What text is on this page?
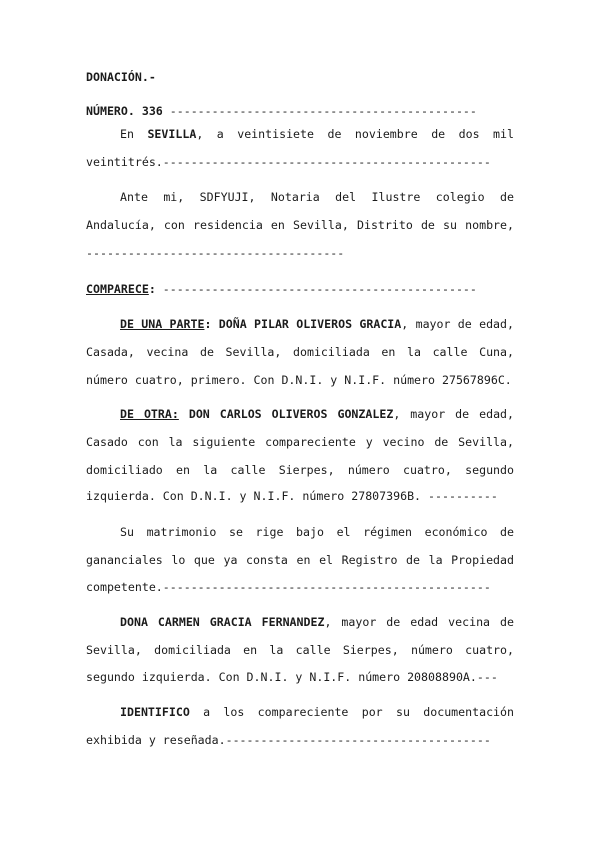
DONACIÓN.-
NÚMERO. 336 --------------------------------------------
En SEVILLA, a veintisiete de noviembre de dos mil
veintitrés.-----------------------------------------------
Ante mi, SDFYUJI, Notaria del Ilustre colegio de
Andalucía, con residencia en Sevilla, Distrito de su nombre,
-------------------------------------
COMPARECE: ---------------------------------------------
DE UNA PARTE: DOÑA PILAR OLIVEROS GRACIA, mayor de edad,
Casada, vecina de Sevilla, domiciliada en la calle Cuna,
número cuatro, primero. Con D.N.I. y N.I.F. número 27567896C.
DE OTRA: DON CARLOS OLIVEROS GONZALEZ, mayor de edad,
Casado con la siguiente compareciente y vecino de Sevilla,
domiciliado en la calle Sierpes, número cuatro, segundo
izquierda. Con D.N.I. y N.I.F. número 27807396B. ----------
Su matrimonio se rige bajo el régimen económico de
gananciales lo que ya consta en el Registro de la Propiedad
competente.-----------------------------------------------
DONA CARMEN GRACIA FERNANDEZ, mayor de edad vecina de
Sevilla, domiciliada en la calle Sierpes, número cuatro,
segundo izquierda. Con D.N.I. y N.I.F. número 20808890A.---
IDENTIFICO a los compareciente por su documentación
exhibida y reseñada.--------------------------------------
